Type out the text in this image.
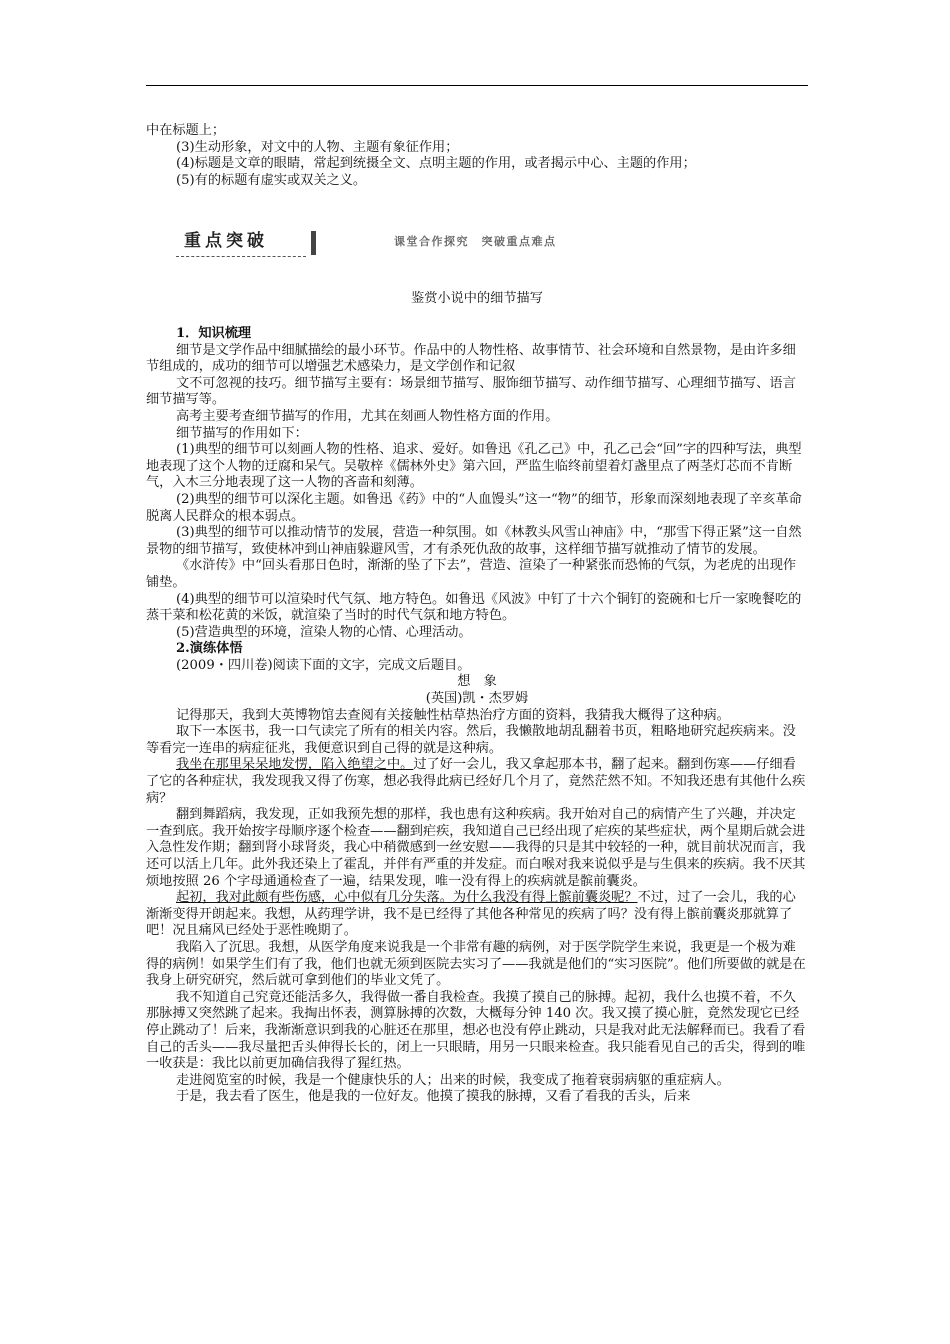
中在标题上；

(3)生动形象，对文中的人物、主题有象征作用；

(4)标题是文章的眼睛，常起到统摄全文、点明主题的作用，或者揭示中心、主题的作用；

(5)有的标题有虚实或双关之义。

重点突破	课堂合作探究　突破重点难点

鉴赏小说中的细节描写

1．知识梳理

细节是文学作品中细腻描绘的最小环节。作品中的人物性格、故事情节、社会环境和自然景物，是由许多细节组成的，成功的细节可以增强艺术感染力，是文学创作和记叙

文不可忽视的技巧。细节描写主要有：场景细节描写、服饰细节描写、动作细节描写、心理细节描写、语言细节描写等。

高考主要考查细节描写的作用，尤其在刻画人物性格方面的作用。

细节描写的作用如下：

(1)典型的细节可以刻画人物的性格、追求、爱好。如鲁迅《孔乙己》中，孔乙己会“回”字的四种写法，典型地表现了这个人物的迂腐和呆气。吴敬梓《儒林外史》第六回，严监生临终前望着灯盏里点了两茎灯芯而不肯断气，入木三分地表现了这一人物的吝啬和刻薄。

(2)典型的细节可以深化主题。如鲁迅《药》中的“人血馒头”这一“物”的细节，形象而深刻地表现了辛亥革命脱离人民群众的根本弱点。

(3)典型的细节可以推动情节的发展，营造一种氛围。如《林教头风雪山神庙》中，“那雪下得正紧”这一自然景物的细节描写，致使林冲到山神庙躲避风雪，才有杀死仇敌的故事，这样细节描写就推动了情节的发展。

《水浒传》中“回头看那日色时，渐渐的坠了下去”，营造、渲染了一种紧张而恐怖的气氛，为老虎的出现作铺垫。

(4)典型的细节可以渲染时代气氛、地方特色。如鲁迅《风波》中钉了十六个铜钉的瓷碗和七斤一家晚餐吃的蒸干菜和松花黄的米饭，就渲染了当时的时代气氛和地方特色。

(5)营造典型的环境，渲染人物的心情、心理活动。

2.演练体悟

(2009・四川卷)阅读下面的文字，完成文后题目。

想　象

(英国)凯・杰罗姆

记得那天，我到大英博物馆去查阅有关接触性枯草热治疗方面的资料，我猜我大概得了这种病。

取下一本医书，我一口气读完了所有的相关内容。然后，我懒散地胡乱翻着书页，粗略地研究起疾病来。没等看完一连串的病症征兆，我便意识到自己得的就是这种病。

我坐在那里呆呆地发愣，陷入绝望之中。过了好一会儿，我又拿起那本书，翻了起来。翻到伤寒——仔细看了它的各种症状，我发现我又得了伤寒，想必我得此病已经好几个月了，竟然茫然不知。不知我还患有其他什么疾病？

翻到舞蹈病，我发现，正如我预先想的那样，我也患有这种疾病。我开始对自己的病情产生了兴趣，并决定一查到底。我开始按字母顺序逐个检查——翻到疟疾，我知道自己已经出现了疟疾的某些症状，两个星期后就会进入急性发作期；翻到肾小球肾炎，我心中稍微感到一丝安慰——我得的只是其中较轻的一种，就目前状况而言，我还可以活上几年。此外我还染上了霍乱，并伴有严重的并发症。而白喉对我来说似乎是与生俱来的疾病。我不厌其烦地按照 26 个字母通通检查了一遍，结果发现，唯一没有得上的疾病就是髌前囊炎。

起初，我对此颇有些伤感，心中似有几分失落。为什么我没有得上髌前囊炎呢？不过，过了一会儿，我的心渐渐变得开朗起来。我想，从药理学讲，我不是已经得了其他各种常见的疾病了吗？没有得上髌前囊炎那就算了吧！况且痛风已经处于恶性晚期了。

我陷入了沉思。我想，从医学角度来说我是一个非常有趣的病例，对于医学院学生来说，我更是一个极为难得的病例！如果学生们有了我，他们也就无须到医院去实习了——我就是他们的“实习医院”。他们所要做的就是在我身上研究研究，然后就可拿到他们的毕业文凭了。

我不知道自己究竟还能活多久，我得做一番自我检查。我摸了摸自己的脉搏。起初，我什么也摸不着，不久那脉搏又突然跳了起来。我掏出怀表，测算脉搏的次数，大概每分钟 140 次。我又摸了摸心脏，竟然发现它已经停止跳动了！后来，我渐渐意识到我的心脏还在那里，想必也没有停止跳动，只是我对此无法解释而已。我看了看自己的舌头——我尽量把舌头伸得长长的，闭上一只眼睛，用另一只眼来检查。我只能看见自己的舌尖，得到的唯一收获是：我比以前更加确信我得了猩红热。

走进阅览室的时候，我是一个健康快乐的人；出来的时候，我变成了拖着衰弱病躯的重症病人。

于是，我去看了医生，他是我的一位好友。他摸了摸我的脉搏，又看了看我的舌头，后来
